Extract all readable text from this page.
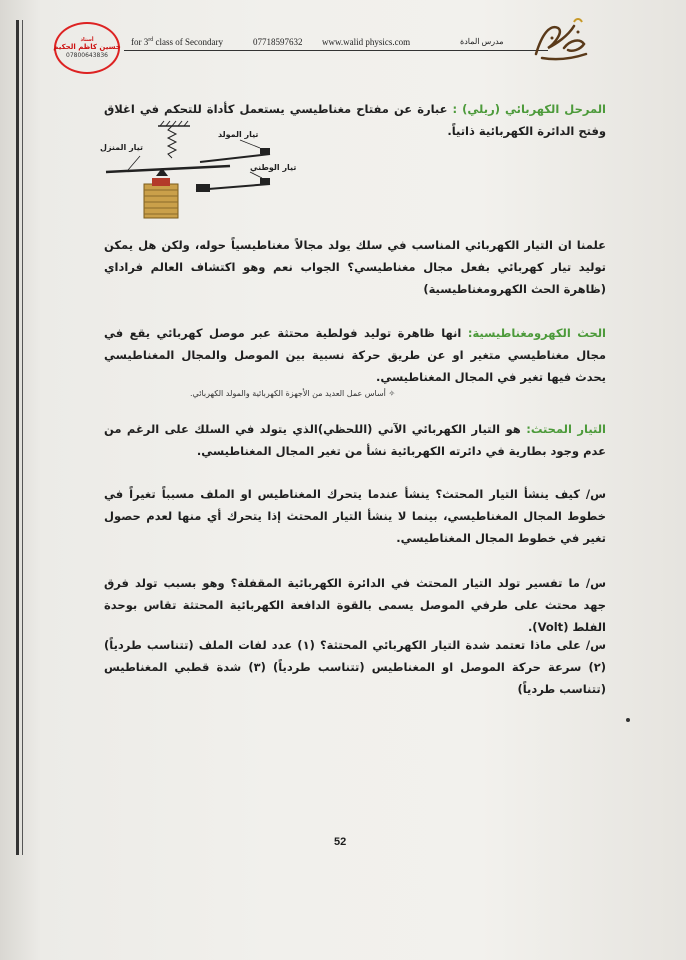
أستاذ
حسين كاظم الحكيم
07800643836
for 3rd class of Secondary	07718597632 www.walid physics.com	مدرس المادة
المرحل الكهربائي (ريلي) : عبارة عن مفتاح مغناطيسي يستعمل كأداة للتحكم في اغلاق وفتح الدائرة الكهربائية ذاتياً.
تيار المنزل
تيار المولد
تيار الوطني
علمنا ان التيار الكهربائي المناسب في سلك يولد مجالاً مغناطيسياً حوله، ولكن هل يمكن توليد تيار كهربائي بفعل مجال مغناطيسي؟ الجواب نعم وهو اكتشاف العالم فراداي (ظاهرة الحث الكهرومغناطيسية)
الحث الكهرومغناطيسية: انها ظاهرة توليد فولطية محتثة عبر موصل كهربائي يقع في مجال مغناطيسي متغير او عن طريق حركة نسبية بين الموصل والمجال المغناطيسي يحدث فيها تغير في المجال المغناطيسي.
✧ أساس عمل العديد من الأجهزة الكهربائية والمولد الكهربائي.
التيار المحتث: هو التيار الكهربائي الآني (اللحظي)الذي يتولد في السلك على الرغم من عدم وجود بطارية في دائرته الكهربائية نشأ من تغير المجال المغناطيسي.
س/ كيف ينشأ التيار المحتث؟ ينشأ عندما يتحرك المغناطيس او الملف مسبباً تغيراً في خطوط المجال المغناطيسي، بينما لا ينشأ التيار المحتث إذا يتحرك أي منها لعدم حصول تغير في خطوط المجال المغناطيسي.
س/ ما تفسير تولد التيار المحتث في الدائرة الكهربائية المقفلة؟ وهو بسبب تولد فرق جهد محتث على طرفي الموصل يسمى بالقوة الدافعة الكهربائية المحتثة تقاس بوحدة الفلط (Volt).
س/ على ماذا تعتمد شدة التيار الكهربائي المحتثة؟ (١) عدد لفات الملف (تتناسب طردياً) (٢) سرعة حركة الموصل او المغناطيس (تتناسب طردياً) (٣) شدة قطبي المغناطيس (تتناسب طردياً)
52
